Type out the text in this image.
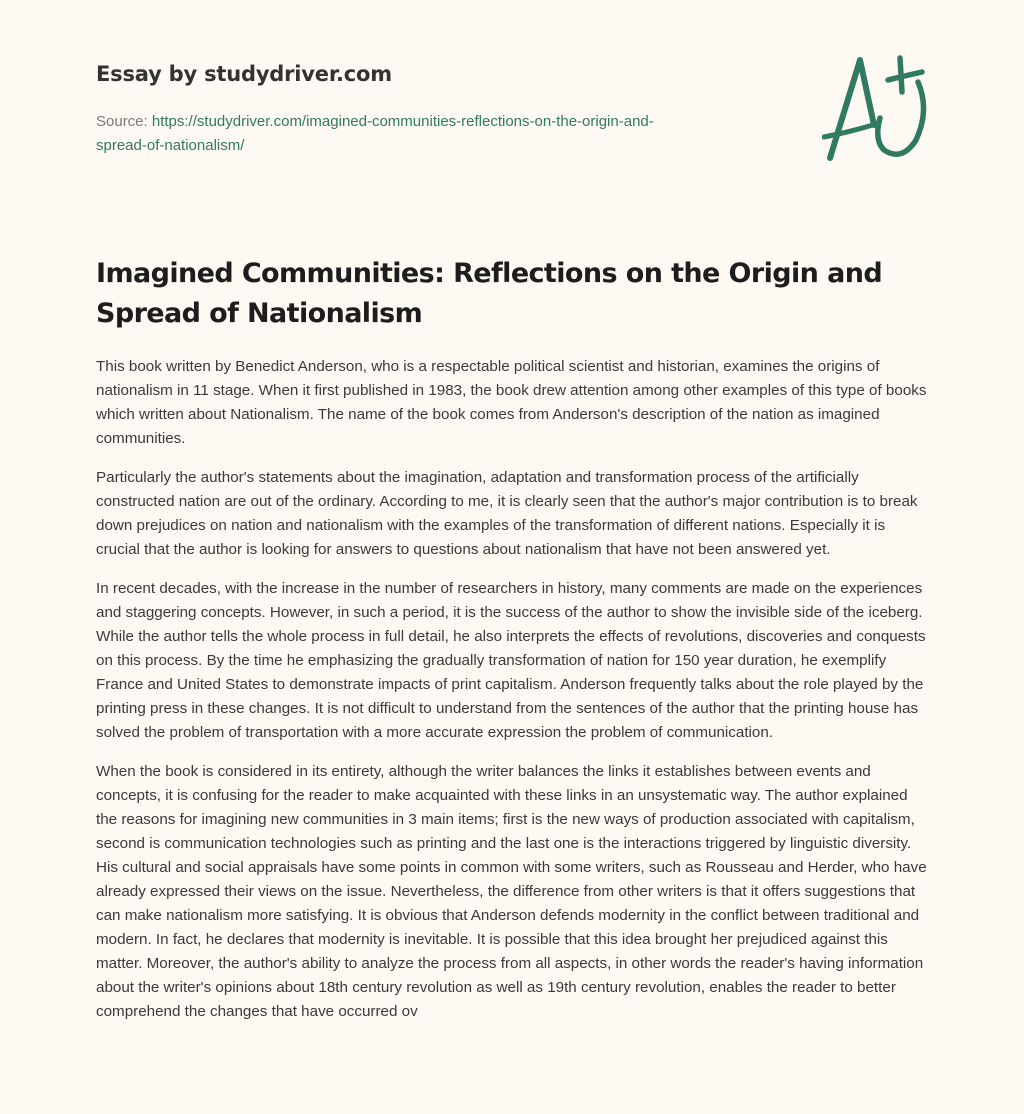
Essay by studydriver.com
Source: https://studydriver.com/imagined-communities-reflections-on-the-origin-and-
spread-of-nationalism/
Imagined Communities: Reflections on the Origin and Spread of Nationalism

This book written by Benedict Anderson, who is a respectable political scientist and historian, examines the origins of nationalism in 11 stage. When it first published in 1983, the book drew attention among other examples of this type of books which written about Nationalism. The name of the book comes from Anderson's description of the nation as imagined communities.

Particularly the author's statements about the imagination, adaptation and transformation process of the artificially constructed nation are out of the ordinary. According to me, it is clearly seen that the author's major contribution is to break down prejudices on nation and nationalism with the examples of the transformation of different nations. Especially it is crucial that the author is looking for answers to questions about nationalism that have not been answered yet.

In recent decades, with the increase in the number of researchers in history, many comments are made on the experiences and staggering concepts. However, in such a period, it is the success of the author to show the invisible side of the iceberg. While the author tells the whole process in full detail, he also interprets the effects of revolutions, discoveries and conquests on this process. By the time he emphasizing the gradually transformation of nation for 150 year duration, he exemplify France and United States to demonstrate impacts of print capitalism. Anderson frequently talks about the role played by the printing press in these changes. It is not difficult to understand from the sentences of the author that the printing house has solved the problem of transportation with a more accurate expression the problem of communication.

When the book is considered in its entirety, although the writer balances the links it establishes between events and concepts, it is confusing for the reader to make acquainted with these links in an unsystematic way. The author explained the reasons for imagining new communities in 3 main items; first is the new ways of production associated with capitalism, second is communication technologies such as printing and the last one is the interactions triggered by linguistic diversity. His cultural and social appraisals have some points in common with some writers, such as Rousseau and Herder, who have already expressed their views on the issue. Nevertheless, the difference from other writers is that it offers suggestions that can make nationalism more satisfying. It is obvious that Anderson defends modernity in the conflict between traditional and modern. In fact, he declares that modernity is inevitable. It is possible that this idea brought her prejudiced against this matter. Moreover, the author's ability to analyze the process from all aspects, in other words the reader's having information about the writer's opinions about 18th century revolution as well as 19th century revolution, enables the reader to better comprehend the changes that have occurred ov
